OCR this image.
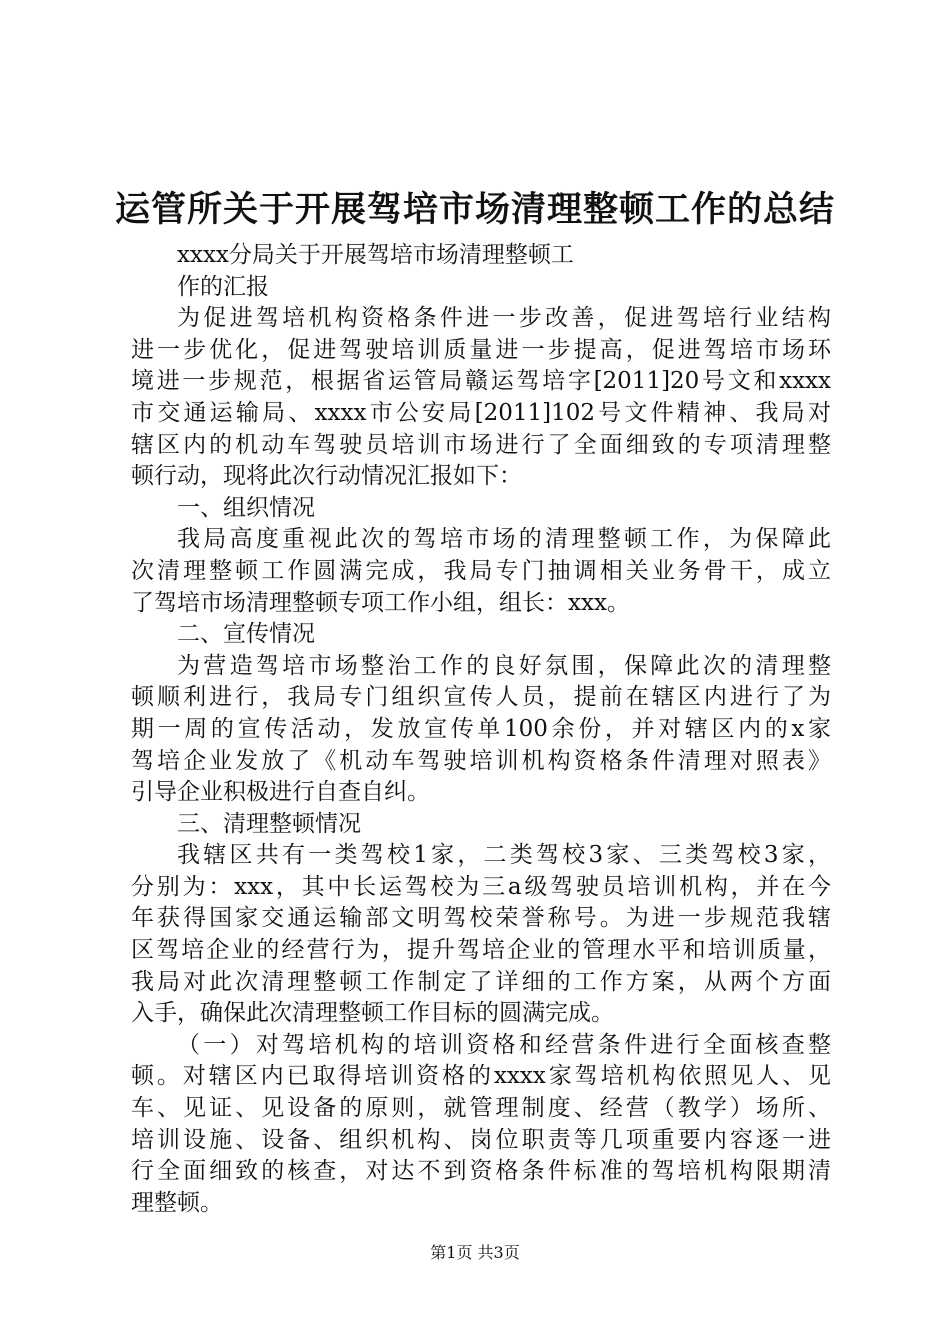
运管所关于开展驾培市场清理整顿工作的总结
xxxx分局关于开展驾培市场清理整顿工
作的汇报
为促进驾培机构资格条件进一步改善，促进驾培行业结构
进一步优化，促进驾驶培训质量进一步提高，促进驾培市场环
境进一步规范，根据省运管局赣运驾培字[2011]20号文和xxxx
市交通运输局、xxxx市公安局[2011]102号文件精神、我局对
辖区内的机动车驾驶员培训市场进行了全面细致的专项清理整
顿行动，现将此次行动情况汇报如下：
一、组织情况
我局高度重视此次的驾培市场的清理整顿工作，为保障此
次清理整顿工作圆满完成，我局专门抽调相关业务骨干，成立
了驾培市场清理整顿专项工作小组，组长：xxx。
二、宣传情况
为营造驾培市场整治工作的良好氛围，保障此次的清理整
顿顺利进行，我局专门组织宣传人员，提前在辖区内进行了为
期一周的宣传活动，发放宣传单100余份，并对辖区内的x家
驾培企业发放了《机动车驾驶培训机构资格条件清理对照表》
引导企业积极进行自查自纠。
三、清理整顿情况
我辖区共有一类驾校1家，二类驾校3家、三类驾校3家，
分别为：xxx，其中长运驾校为三a级驾驶员培训机构，并在今
年获得国家交通运输部文明驾校荣誉称号。为进一步规范我辖
区驾培企业的经营行为，提升驾培企业的管理水平和培训质量，
我局对此次清理整顿工作制定了详细的工作方案，从两个方面
入手，确保此次清理整顿工作目标的圆满完成。
（一）对驾培机构的培训资格和经营条件进行全面核查整
顿。对辖区内已取得培训资格的xxxx家驾培机构依照见人、见
车、见证、见设备的原则，就管理制度、经营（教学）场所、
培训设施、设备、组织机构、岗位职责等几项重要内容逐一进
行全面细致的核查，对达不到资格条件标准的驾培机构限期清
理整顿。
第1页 共3页
